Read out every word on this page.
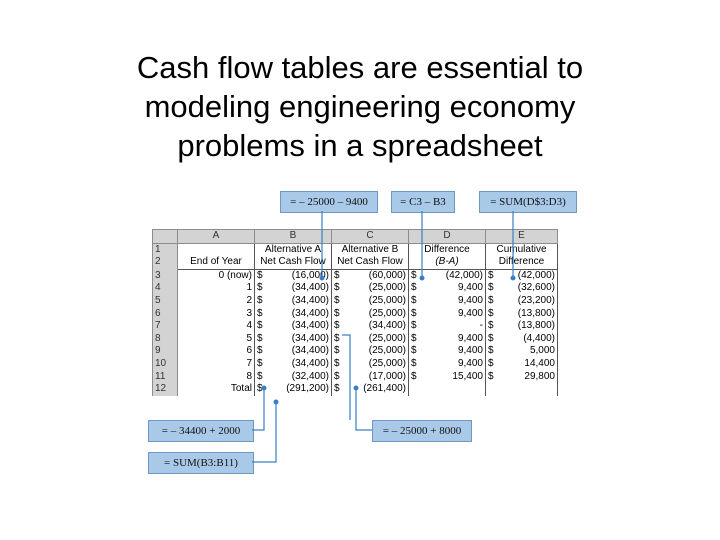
Cash flow tables are essential to
modeling engineering economy
problems in a spreadsheet
	A	B	C	D	E
1		Alternative A	Alternative B	Difference	Cumulative
2	End of Year	Net Cash Flow	Net Cash Flow	(B-A)	Difference
3	0 (now)	$ (16,000)	$ (60,000)	$ (42,000)	$ (42,000)

4	1	$ (34,400)	$ (25,000)	$ 9,400	$ (32,600)

5	2	$ (34,400)	$ (25,000)	$ 9,400	$ (23,200)

6	3	$ (34,400)	$ (25,000)	$ 9,400	$ (13,800)

7	4	$ (34,400)	$ (34,400)	$ -	$ (13,800)

8	5	$ (34,400)	$ (25,000)	$ 9,400	$ (4,400)

9	6	$ (34,400)	$ (25,000)	$ 9,400	$ 5,000

10	7	$ (34,400)	$ (25,000)	$ 9,400	$ 14,400

11	8	$ (32,400)	$ (17,000)	$ 15,400	$ 29,800

12	Total	$ (291,200)	$ (261,400)		

= – 25000 – 9400	= C3 – B3	= SUM(D$3:D3)
= – 34400 + 2000	= – 25000 + 8000
= SUM(B3:B11)
